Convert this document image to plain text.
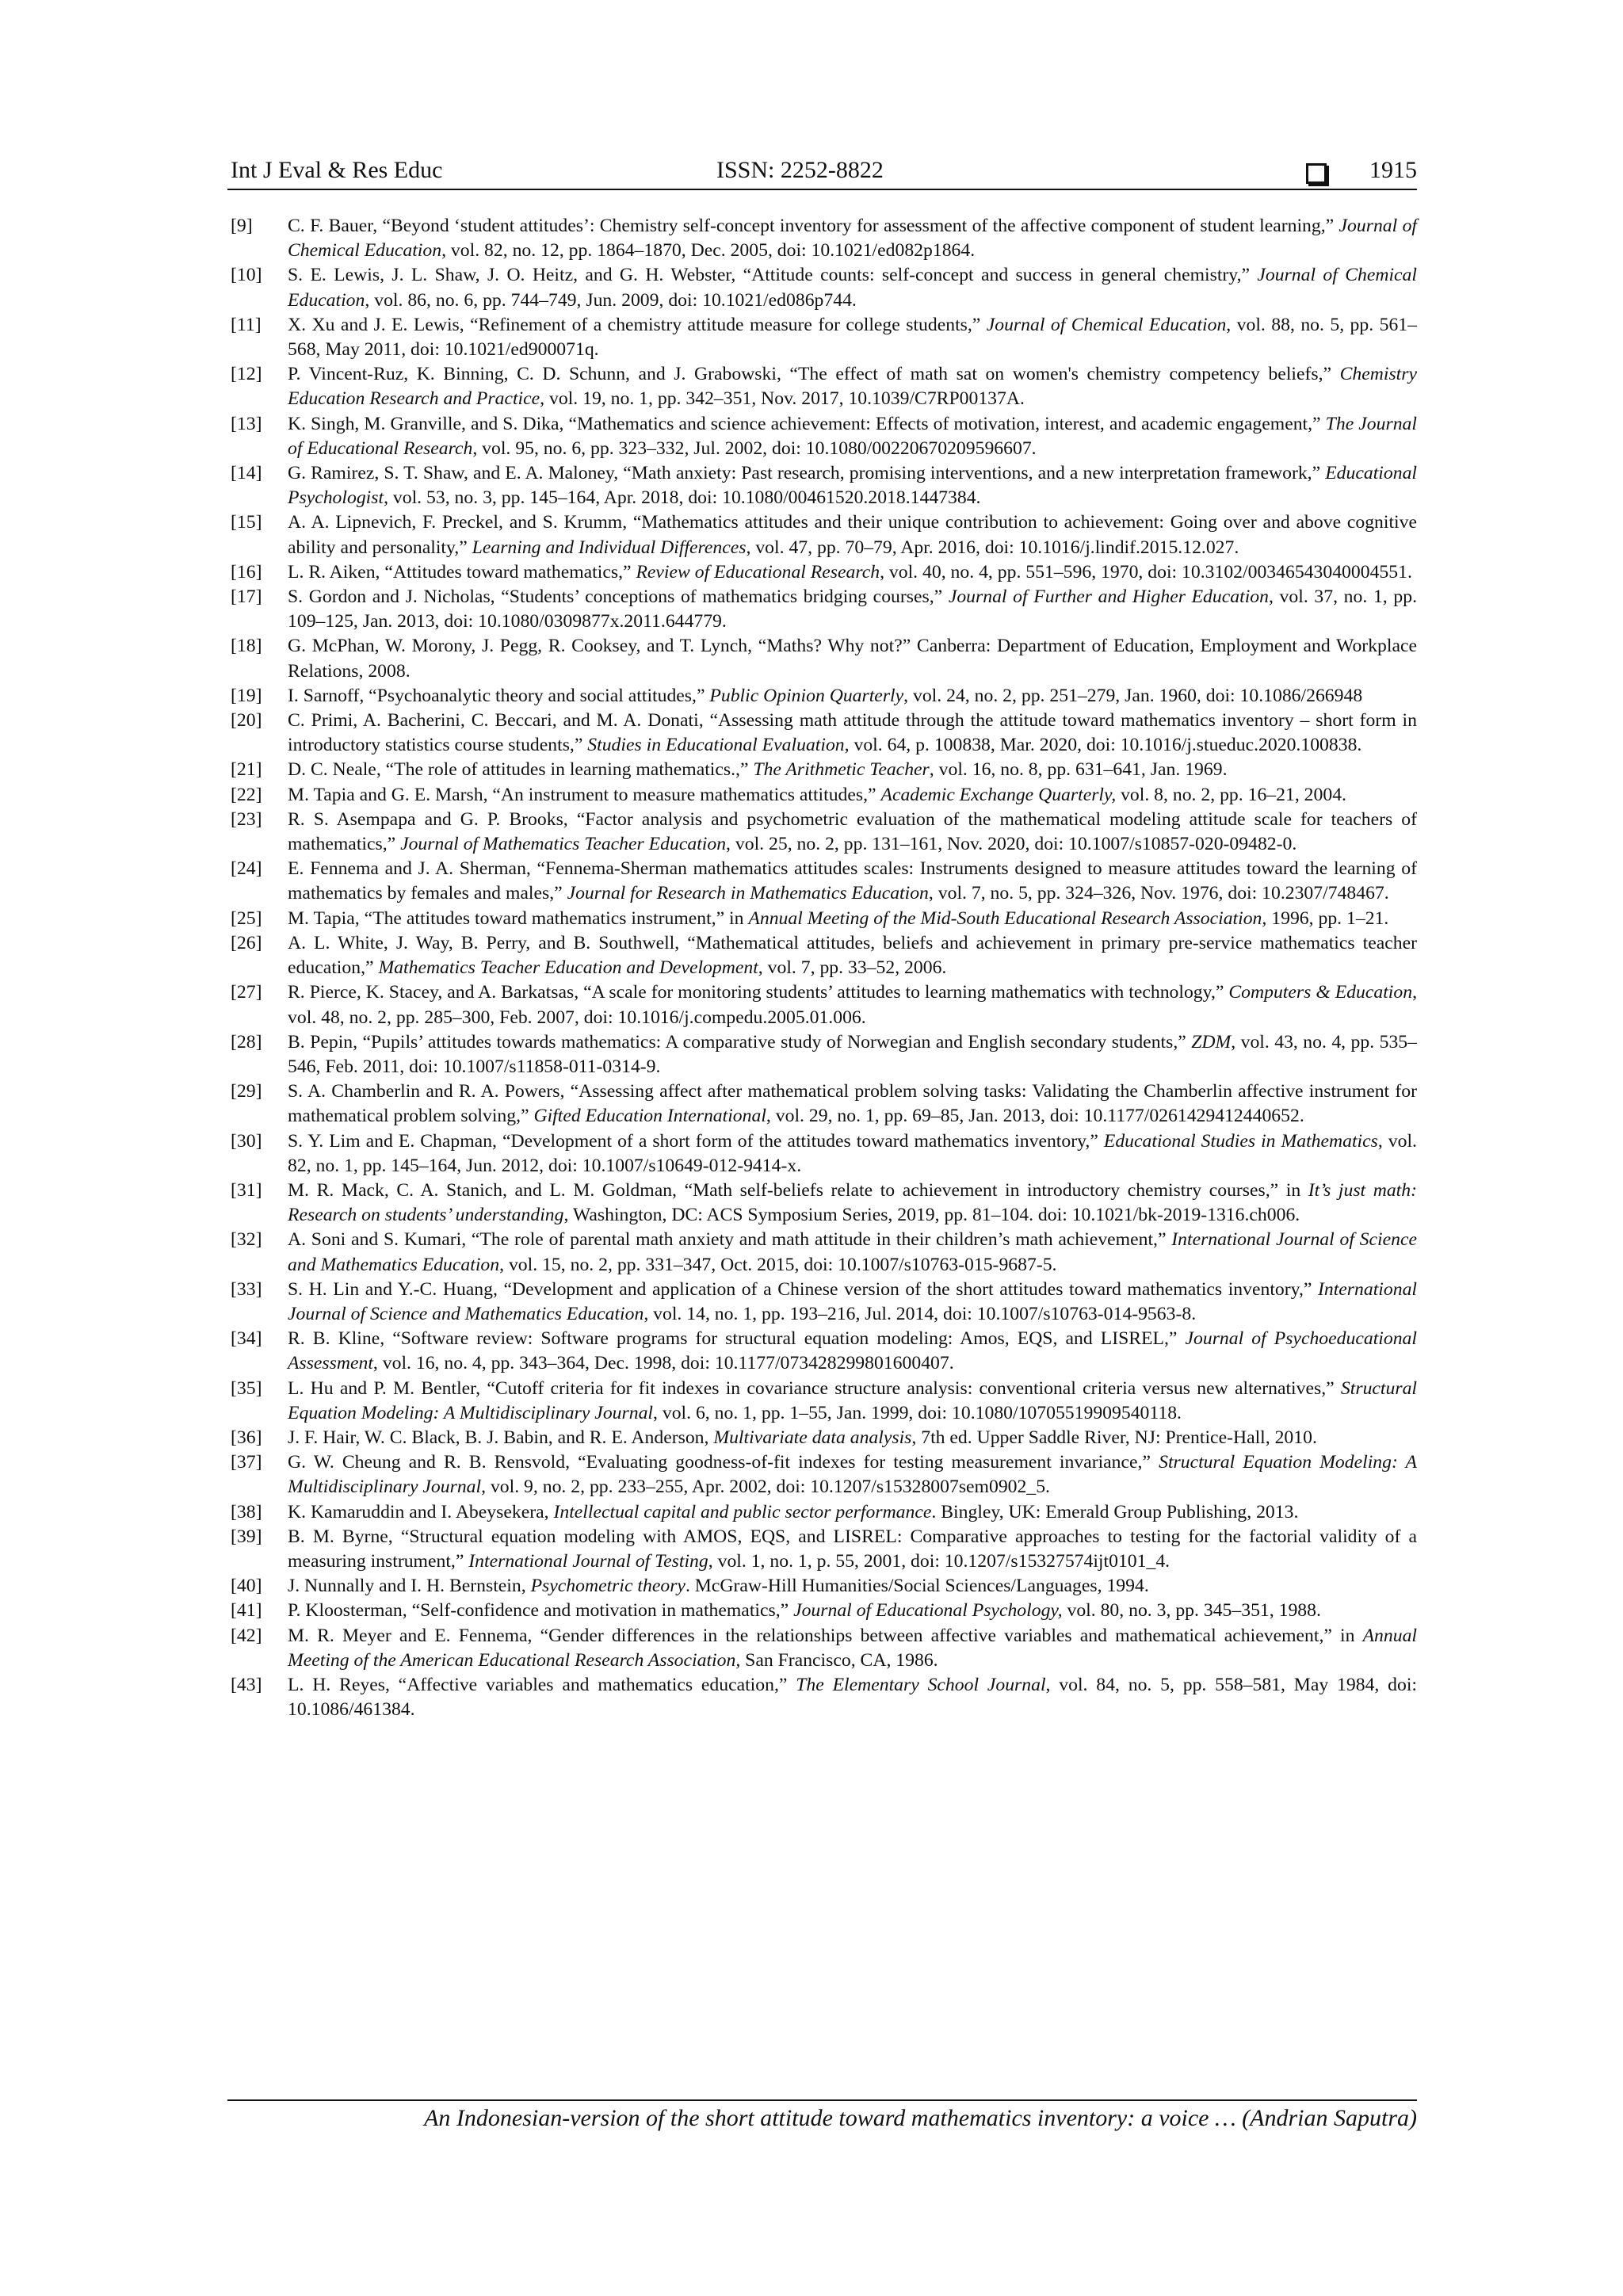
Int J Eval & Res Educ	ISSN: 2252-8822	1915
[9] C. F. Bauer, “Beyond ‘student attitudes’: Chemistry self-concept inventory for assessment of the affective component of student learning,” Journal of Chemical Education, vol. 82, no. 12, pp. 1864–1870, Dec. 2005, doi: 10.1021/ed082p1864.
[10] S. E. Lewis, J. L. Shaw, J. O. Heitz, and G. H. Webster, “Attitude counts: self-concept and success in general chemistry,” Journal of Chemical Education, vol. 86, no. 6, pp. 744–749, Jun. 2009, doi: 10.1021/ed086p744.
[11] X. Xu and J. E. Lewis, “Refinement of a chemistry attitude measure for college students,” Journal of Chemical Education, vol. 88, no. 5, pp. 561–568, May 2011, doi: 10.1021/ed900071q.
[12] P. Vincent-Ruz, K. Binning, C. D. Schunn, and J. Grabowski, “The effect of math sat on women's chemistry competency beliefs,” Chemistry Education Research and Practice, vol. 19, no. 1, pp. 342–351, Nov. 2017, 10.1039/C7RP00137A.
[13] K. Singh, M. Granville, and S. Dika, “Mathematics and science achievement: Effects of motivation, interest, and academic engagement,” The Journal of Educational Research, vol. 95, no. 6, pp. 323–332, Jul. 2002, doi: 10.1080/00220670209596607.
[14] G. Ramirez, S. T. Shaw, and E. A. Maloney, “Math anxiety: Past research, promising interventions, and a new interpretation framework,” Educational Psychologist, vol. 53, no. 3, pp. 145–164, Apr. 2018, doi: 10.1080/00461520.2018.1447384.
[15] A. A. Lipnevich, F. Preckel, and S. Krumm, “Mathematics attitudes and their unique contribution to achievement: Going over and above cognitive ability and personality,” Learning and Individual Differences, vol. 47, pp. 70–79, Apr. 2016, doi: 10.1016/j.lindif.2015.12.027.
[16] L. R. Aiken, “Attitudes toward mathematics,” Review of Educational Research, vol. 40, no. 4, pp. 551–596, 1970, doi: 10.3102/00346543040004551.
[17] S. Gordon and J. Nicholas, “Students’ conceptions of mathematics bridging courses,” Journal of Further and Higher Education, vol. 37, no. 1, pp. 109–125, Jan. 2013, doi: 10.1080/0309877x.2011.644779.
[18] G. McPhan, W. Morony, J. Pegg, R. Cooksey, and T. Lynch, “Maths? Why not?” Canberra: Department of Education, Employment and Workplace Relations, 2008.
[19] I. Sarnoff, “Psychoanalytic theory and social attitudes,” Public Opinion Quarterly, vol. 24, no. 2, pp. 251–279, Jan. 1960, doi: 10.1086/266948
[20] C. Primi, A. Bacherini, C. Beccari, and M. A. Donati, “Assessing math attitude through the attitude toward mathematics inventory – short form in introductory statistics course students,” Studies in Educational Evaluation, vol. 64, p. 100838, Mar. 2020, doi: 10.1016/j.stueduc.2020.100838.
[21] D. C. Neale, “The role of attitudes in learning mathematics.,” The Arithmetic Teacher, vol. 16, no. 8, pp. 631–641, Jan. 1969.
[22] M. Tapia and G. E. Marsh, “An instrument to measure mathematics attitudes,” Academic Exchange Quarterly, vol. 8, no. 2, pp. 16–21, 2004.
[23] R. S. Asempapa and G. P. Brooks, “Factor analysis and psychometric evaluation of the mathematical modeling attitude scale for teachers of mathematics,” Journal of Mathematics Teacher Education, vol. 25, no. 2, pp. 131–161, Nov. 2020, doi: 10.1007/s10857-020-09482-0.
[24] E. Fennema and J. A. Sherman, “Fennema-Sherman mathematics attitudes scales: Instruments designed to measure attitudes toward the learning of mathematics by females and males,” Journal for Research in Mathematics Education, vol. 7, no. 5, pp. 324–326, Nov. 1976, doi: 10.2307/748467.
[25] M. Tapia, “The attitudes toward mathematics instrument,” in Annual Meeting of the Mid-South Educational Research Association, 1996, pp. 1–21.
[26] A. L. White, J. Way, B. Perry, and B. Southwell, “Mathematical attitudes, beliefs and achievement in primary pre-service mathematics teacher education,” Mathematics Teacher Education and Development, vol. 7, pp. 33–52, 2006.
[27] R. Pierce, K. Stacey, and A. Barkatsas, “A scale for monitoring students’ attitudes to learning mathematics with technology,” Computers & Education, vol. 48, no. 2, pp. 285–300, Feb. 2007, doi: 10.1016/j.compedu.2005.01.006.
[28] B. Pepin, “Pupils’ attitudes towards mathematics: A comparative study of Norwegian and English secondary students,” ZDM, vol. 43, no. 4, pp. 535–546, Feb. 2011, doi: 10.1007/s11858-011-0314-9.
[29] S. A. Chamberlin and R. A. Powers, “Assessing affect after mathematical problem solving tasks: Validating the Chamberlin affective instrument for mathematical problem solving,” Gifted Education International, vol. 29, no. 1, pp. 69–85, Jan. 2013, doi: 10.1177/0261429412440652.
[30] S. Y. Lim and E. Chapman, “Development of a short form of the attitudes toward mathematics inventory,” Educational Studies in Mathematics, vol. 82, no. 1, pp. 145–164, Jun. 2012, doi: 10.1007/s10649-012-9414-x.
[31] M. R. Mack, C. A. Stanich, and L. M. Goldman, “Math self-beliefs relate to achievement in introductory chemistry courses,” in It’s just math: Research on students’ understanding, Washington, DC: ACS Symposium Series, 2019, pp. 81–104. doi: 10.1021/bk-2019-1316.ch006.
[32] A. Soni and S. Kumari, “The role of parental math anxiety and math attitude in their children’s math achievement,” International Journal of Science and Mathematics Education, vol. 15, no. 2, pp. 331–347, Oct. 2015, doi: 10.1007/s10763-015-9687-5.
[33] S. H. Lin and Y.-C. Huang, “Development and application of a Chinese version of the short attitudes toward mathematics inventory,” International Journal of Science and Mathematics Education, vol. 14, no. 1, pp. 193–216, Jul. 2014, doi: 10.1007/s10763-014-9563-8.
[34] R. B. Kline, “Software review: Software programs for structural equation modeling: Amos, EQS, and LISREL,” Journal of Psychoeducational Assessment, vol. 16, no. 4, pp. 343–364, Dec. 1998, doi: 10.1177/073428299801600407.
[35] L. Hu and P. M. Bentler, “Cutoff criteria for fit indexes in covariance structure analysis: conventional criteria versus new alternatives,” Structural Equation Modeling: A Multidisciplinary Journal, vol. 6, no. 1, pp. 1–55, Jan. 1999, doi: 10.1080/10705519909540118.
[36] J. F. Hair, W. C. Black, B. J. Babin, and R. E. Anderson, Multivariate data analysis, 7th ed. Upper Saddle River, NJ: Prentice-Hall, 2010.
[37] G. W. Cheung and R. B. Rensvold, “Evaluating goodness-of-fit indexes for testing measurement invariance,” Structural Equation Modeling: A Multidisciplinary Journal, vol. 9, no. 2, pp. 233–255, Apr. 2002, doi: 10.1207/s15328007sem0902_5.
[38] K. Kamaruddin and I. Abeysekera, Intellectual capital and public sector performance. Bingley, UK: Emerald Group Publishing, 2013.
[39] B. M. Byrne, “Structural equation modeling with AMOS, EQS, and LISREL: Comparative approaches to testing for the factorial validity of a measuring instrument,” International Journal of Testing, vol. 1, no. 1, p. 55, 2001, doi: 10.1207/s15327574ijt0101_4.
[40] J. Nunnally and I. H. Bernstein, Psychometric theory. McGraw-Hill Humanities/Social Sciences/Languages, 1994.
[41] P. Kloosterman, “Self-confidence and motivation in mathematics,” Journal of Educational Psychology, vol. 80, no. 3, pp. 345–351, 1988.
[42] M. R. Meyer and E. Fennema, “Gender differences in the relationships between affective variables and mathematical achievement,” in Annual Meeting of the American Educational Research Association, San Francisco, CA, 1986.
[43] L. H. Reyes, “Affective variables and mathematics education,” The Elementary School Journal, vol. 84, no. 5, pp. 558–581, May 1984, doi: 10.1086/461384.
An Indonesian-version of the short attitude toward mathematics inventory: a voice … (Andrian Saputra)
